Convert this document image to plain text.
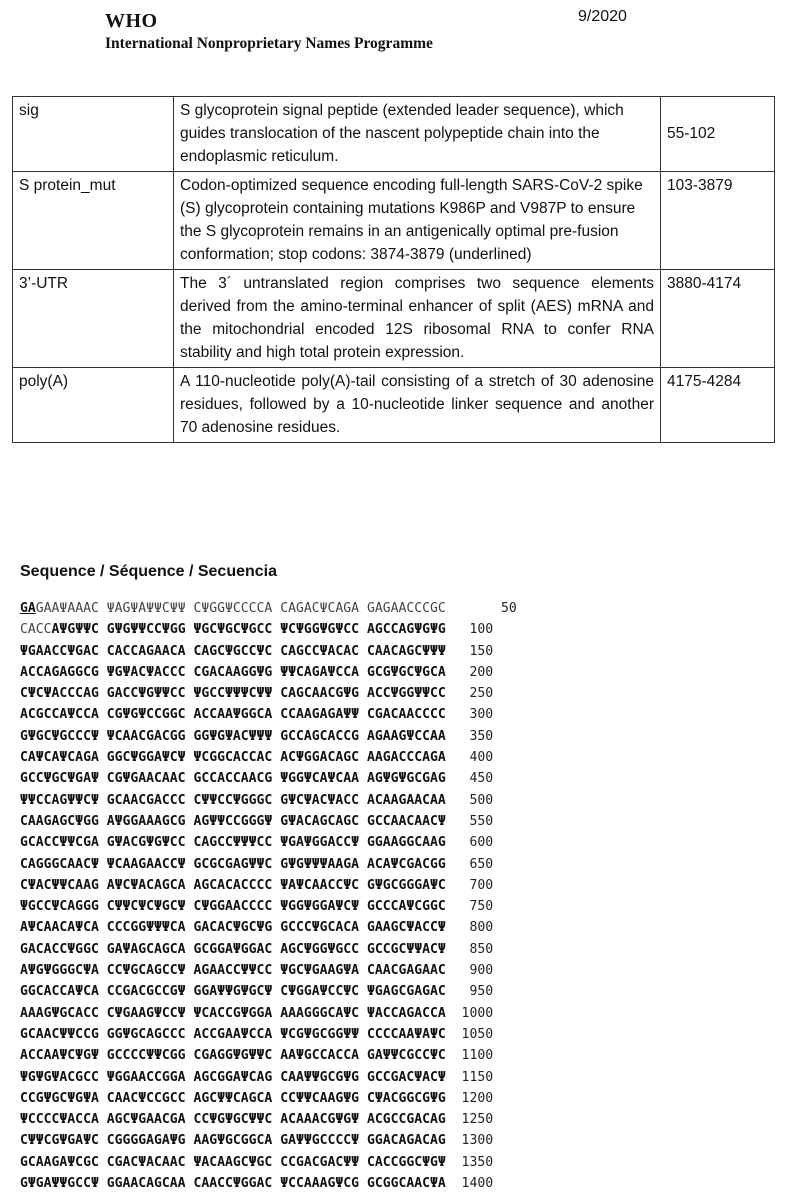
WHO	9/2020
International Nonproprietary Names Programme
sig	S glycoprotein signal peptide (extended leader sequence), which guides translocation of the nascent polypeptide chain into the endoplasmic reticulum.	55-102
S protein_mut	Codon-optimized sequence encoding full-length SARS-CoV-2 spike (S) glycoprotein containing mutations K986P and V987P to ensure the S glycoprotein remains in an antigenically optimal pre-fusion conformation; stop codons: 3874-3879 (underlined)	103-3879
3’-UTR	The 3´ untranslated region comprises two sequence elements derived from the amino-terminal enhancer of split (AES) mRNA and the mitochondrial encoded 12S ribosomal RNA to confer RNA stability and high total protein expression.	3880-4174
poly(A)	A 110-nucleotide poly(A)-tail consisting of a stretch of 30 adenosine residues, followed by a 10-nucleotide linker sequence and another 70 adenosine residues.	4175-4284
Sequence / Séquence / Secuencia
GAGAAΨAAAC ΨAGΨAΨΨCΨΨ CΨGGΨCCCCA CAGACΨCAGA GAGAACCCGC       50
CACCAΨGΨΨC GΨGΨΨCCΨGG ΨGCΨGCΨGCC ΨCΨGGΨGΨCC AGCCAGΨGΨG   100
ΨGAACCΨGAC CACCAGAACA CAGCΨGCCΨC CAGCCΨACAC CAACAGCΨΨΨ   150
ACCAGAGGCG ΨGΨACΨACCC CGACAAGGΨG ΨΨCAGAΨCCA GCGΨGCΨGCA   200
CΨCΨACCCAG GACCΨGΨΨCC ΨGCCΨΨΨCΨΨ CAGCAACGΨG ACCΨGGΨΨCC   250
ACGCCAΨCCA CGΨGΨCCGGC ACCAAΨGGCA CCAAGAGAΨΨ CGACAACCCC   300
GΨGCΨGCCCΨ ΨCAACGACGG GGΨGΨACΨΨΨ GCCAGCACCG AGAAGΨCCAA   350
CAΨCAΨCAGA GGCΨGGAΨCΨ ΨCGGCACCAC ACΨGGACAGC AAGACCCAGA   400
GCCΨGCΨGAΨ CGΨGAACAAC GCCACCAACG ΨGGΨCAΨCAA AGΨGΨGCGAG   450
ΨΨCCAGΨΨCΨ GCAACGACCC CΨΨCCΨGGGC GΨCΨACΨACC ACAAGAACAA   500
CAAGAGCΨGG AΨGGAAAGCG AGΨΨCCGGGΨ GΨACAGCAGC GCCAACAACΨ   550
GCACCΨΨCGA GΨACGΨGΨCC CAGCCΨΨΨCC ΨGAΨGGACCΨ GGAAGGCAAG   600
CAGGGCAACΨ ΨCAAGAACCΨ GCGCGAGΨΨC GΨGΨΨΨAAGA ACAΨCGACGG   650
CΨACΨΨCAAG AΨCΨACAGCA AGCACACCCC ΨAΨCAACCΨC GΨGCGGGAΨC   700
ΨGCCΨCAGGG CΨΨCΨCΨGCΨ CΨGGAACCCC ΨGGΨGGAΨCΨ GCCCAΨCGGC   750
AΨCAACAΨCA CCCGGΨΨΨCA GACACΨGCΨG GCCCΨGCACA GAAGCΨACCΨ   800
GACACCΨGGC GAΨAGCAGCA GCGGAΨGGAC AGCΨGGΨGCC GCCGCΨΨACΨ   850
AΨGΨGGGCΨA CCΨGCAGCCΨ AGAACCΨΨCC ΨGCΨGAAGΨA CAACGAGAAC   900
GGCACCAΨCA CCGACGCCGΨ GGAΨΨGΨGCΨ CΨGGAΨCCΨC ΨGAGCGAGAC   950
AAAGΨGCACC CΨGAAGΨCCΨ ΨCACCGΨGGA AAAGGGCAΨC ΨACCAGACCA  1000
GCAACΨΨCCG GGΨGCAGCCC ACCGAAΨCCA ΨCGΨGCGGΨΨ CCCCAAΨAΨC  1050
ACCAAΨCΨGΨ GCCCCΨΨCGG CGAGGΨGΨΨC AAΨGCCACCA GAΨΨCGCCΨC  1100
ΨGΨGΨACGCC ΨGGAACCGGA AGCGGAΨCAG CAAΨΨGCGΨG GCCGACΨACΨ  1150
CCGΨGCΨGΨA CAACΨCCGCC AGCΨΨCAGCA CCΨΨCAAGΨG CΨACGGCGΨG  1200
ΨCCCCΨACCA AGCΨGAACGA CCΨGΨGCΨΨC ACAAACGΨGΨ ACGCCGACAG  1250
CΨΨCGΨGAΨC CGGGGAGAΨG AAGΨGCGGCA GAΨΨGCCCCΨ GGACAGACAG  1300
GCAAGAΨCGC CGACΨACAAC ΨACAAGCΨGC CCGACGACΨΨ CACCGGCΨGΨ  1350
GΨGAΨΨGCCΨ GGAACAGCAA CAACCΨGGAC ΨCCAAAGΨCG GCGGCAACΨA  1400
